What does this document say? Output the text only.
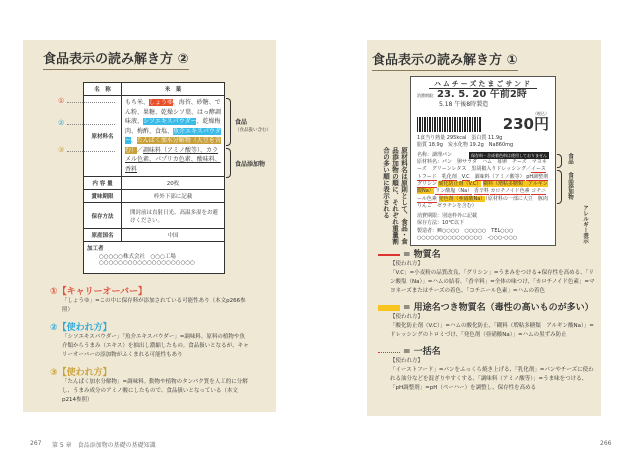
食品表示の読み解き方 ②
名　称	米　菓
原材料名	もち米、しょうゆ、海苔、砂糖、でん粉、果糖、乾燥シソ葉、はっ酵調味液、シソエキスパウダー、乾燥梅肉、梅酢、食塩、魚介エキスパウダー、たんぱく加水分解物（大豆を含む）／調味料（アミノ酸等）、カラメル色素、パプリカ色素、酸味料、香料
内 容 量	20枚
賞味期限	枠外下部に記載
保存方法	開封前は直射日光、高温多湿をお避けください。
原産国名	中国

加工者
○○○○○株式会社　○○○工場
○○○○○○○○○○○○○○○○○○○○	
①
②
③
食品
（食品扱い含む）
食品添加物
①【キャリーオーバー】
「しょうゆ」=この中に保存料が添加されている可能性あり（本文p266参照）
②【使われ方】
「シソエキスパウダー」「魚介エキスパウダー」=調味料。原料の植物や魚介類からうまみ（エキス）を抽出し濃縮したもの。食品扱いとなるが、キャリーオーバーの添加物がふくまれる可能性もあり
③【使われ方】
「たんぱく加水分解物」=調味料。動物や植物のタンパク質を人工的に分解し、うまみ成分のアミノ酸にしたもので、食品扱いとなっている（本文p214参照）
267 第 5 章　食品添加物の基礎の基礎知識
食品表示の読み解き方 ①
ハムチーズたまごサンド
消費期限：23. 5. 20 午前2時
5.18 午後8時製造
（税込）
230円
1食当り熱量 295kcal　蛋白質 11.9g
脂質 18.9g　炭水化物 19.2g　Na860mg
名称：調理パン	保存料・合成着色料は使用しておりません
原材料名：パン　卵サラダ　ハム　苺卵　チーズ　マヨネーズ　グリーンレタス　黒胡椒入りドレッシング／イーストフード　 乳化剤　 V.C　 調味料（アミノ酸等） pH調整剤　グリシン 酸化防止剤（V.C） 糊料（増粘多糖類　アルギン酸Na） リン酸塩（Na） 香辛料 カロチノイド色素 コチニール色素 発色剤（亜硝酸Na）（原材料の一部に大豆　豚肉　りんご　ゼラチンを含む）
消費期限：別途枠外に記載
保存方法：10℃以下
製造者：㈱○○○○　○○○○○　TEL○○○
○○○○○○○○○○○○○○○　-○○○-○○○
原材料名は原則として、食品・食品添加物の順に、それぞれ重量割合の多い順に表示される	食品
食品添加物
アレルギー表示
= 物質名
【使われ方】
「V.C」=小麦粉の品質改良、「グリシン」=うまみをつける+保存性を高める、「リン酸塩（Na）」=ハムの結着、「香辛料」=全体の味つけ、「カロチノイド色素」=マヨネーズまたはチーズの着色、「コチニール色素」=ハムの着色
= 用途名つき物質名（毒性の高いものが多い）
【使われ方】
「酸化防止剤（V.C）」=ハムの酸化防止、「糊料（増粘多糖類　アルギン酸Na）」=ドレッシングのトロミづけ、「発色剤（亜硝酸Na）」=ハムの黒ずみ防止
= 一括名
【使われ方】
「イーストフード」=パンをふっくら焼き上げる、「乳化剤」=パンやチーズに使われる油分などを混ざりやすくする、「調味料（アミノ酸等）」=うま味をつける、「pH調整剤」=pH（ペーハー）を調整し、保存性を高める
266
